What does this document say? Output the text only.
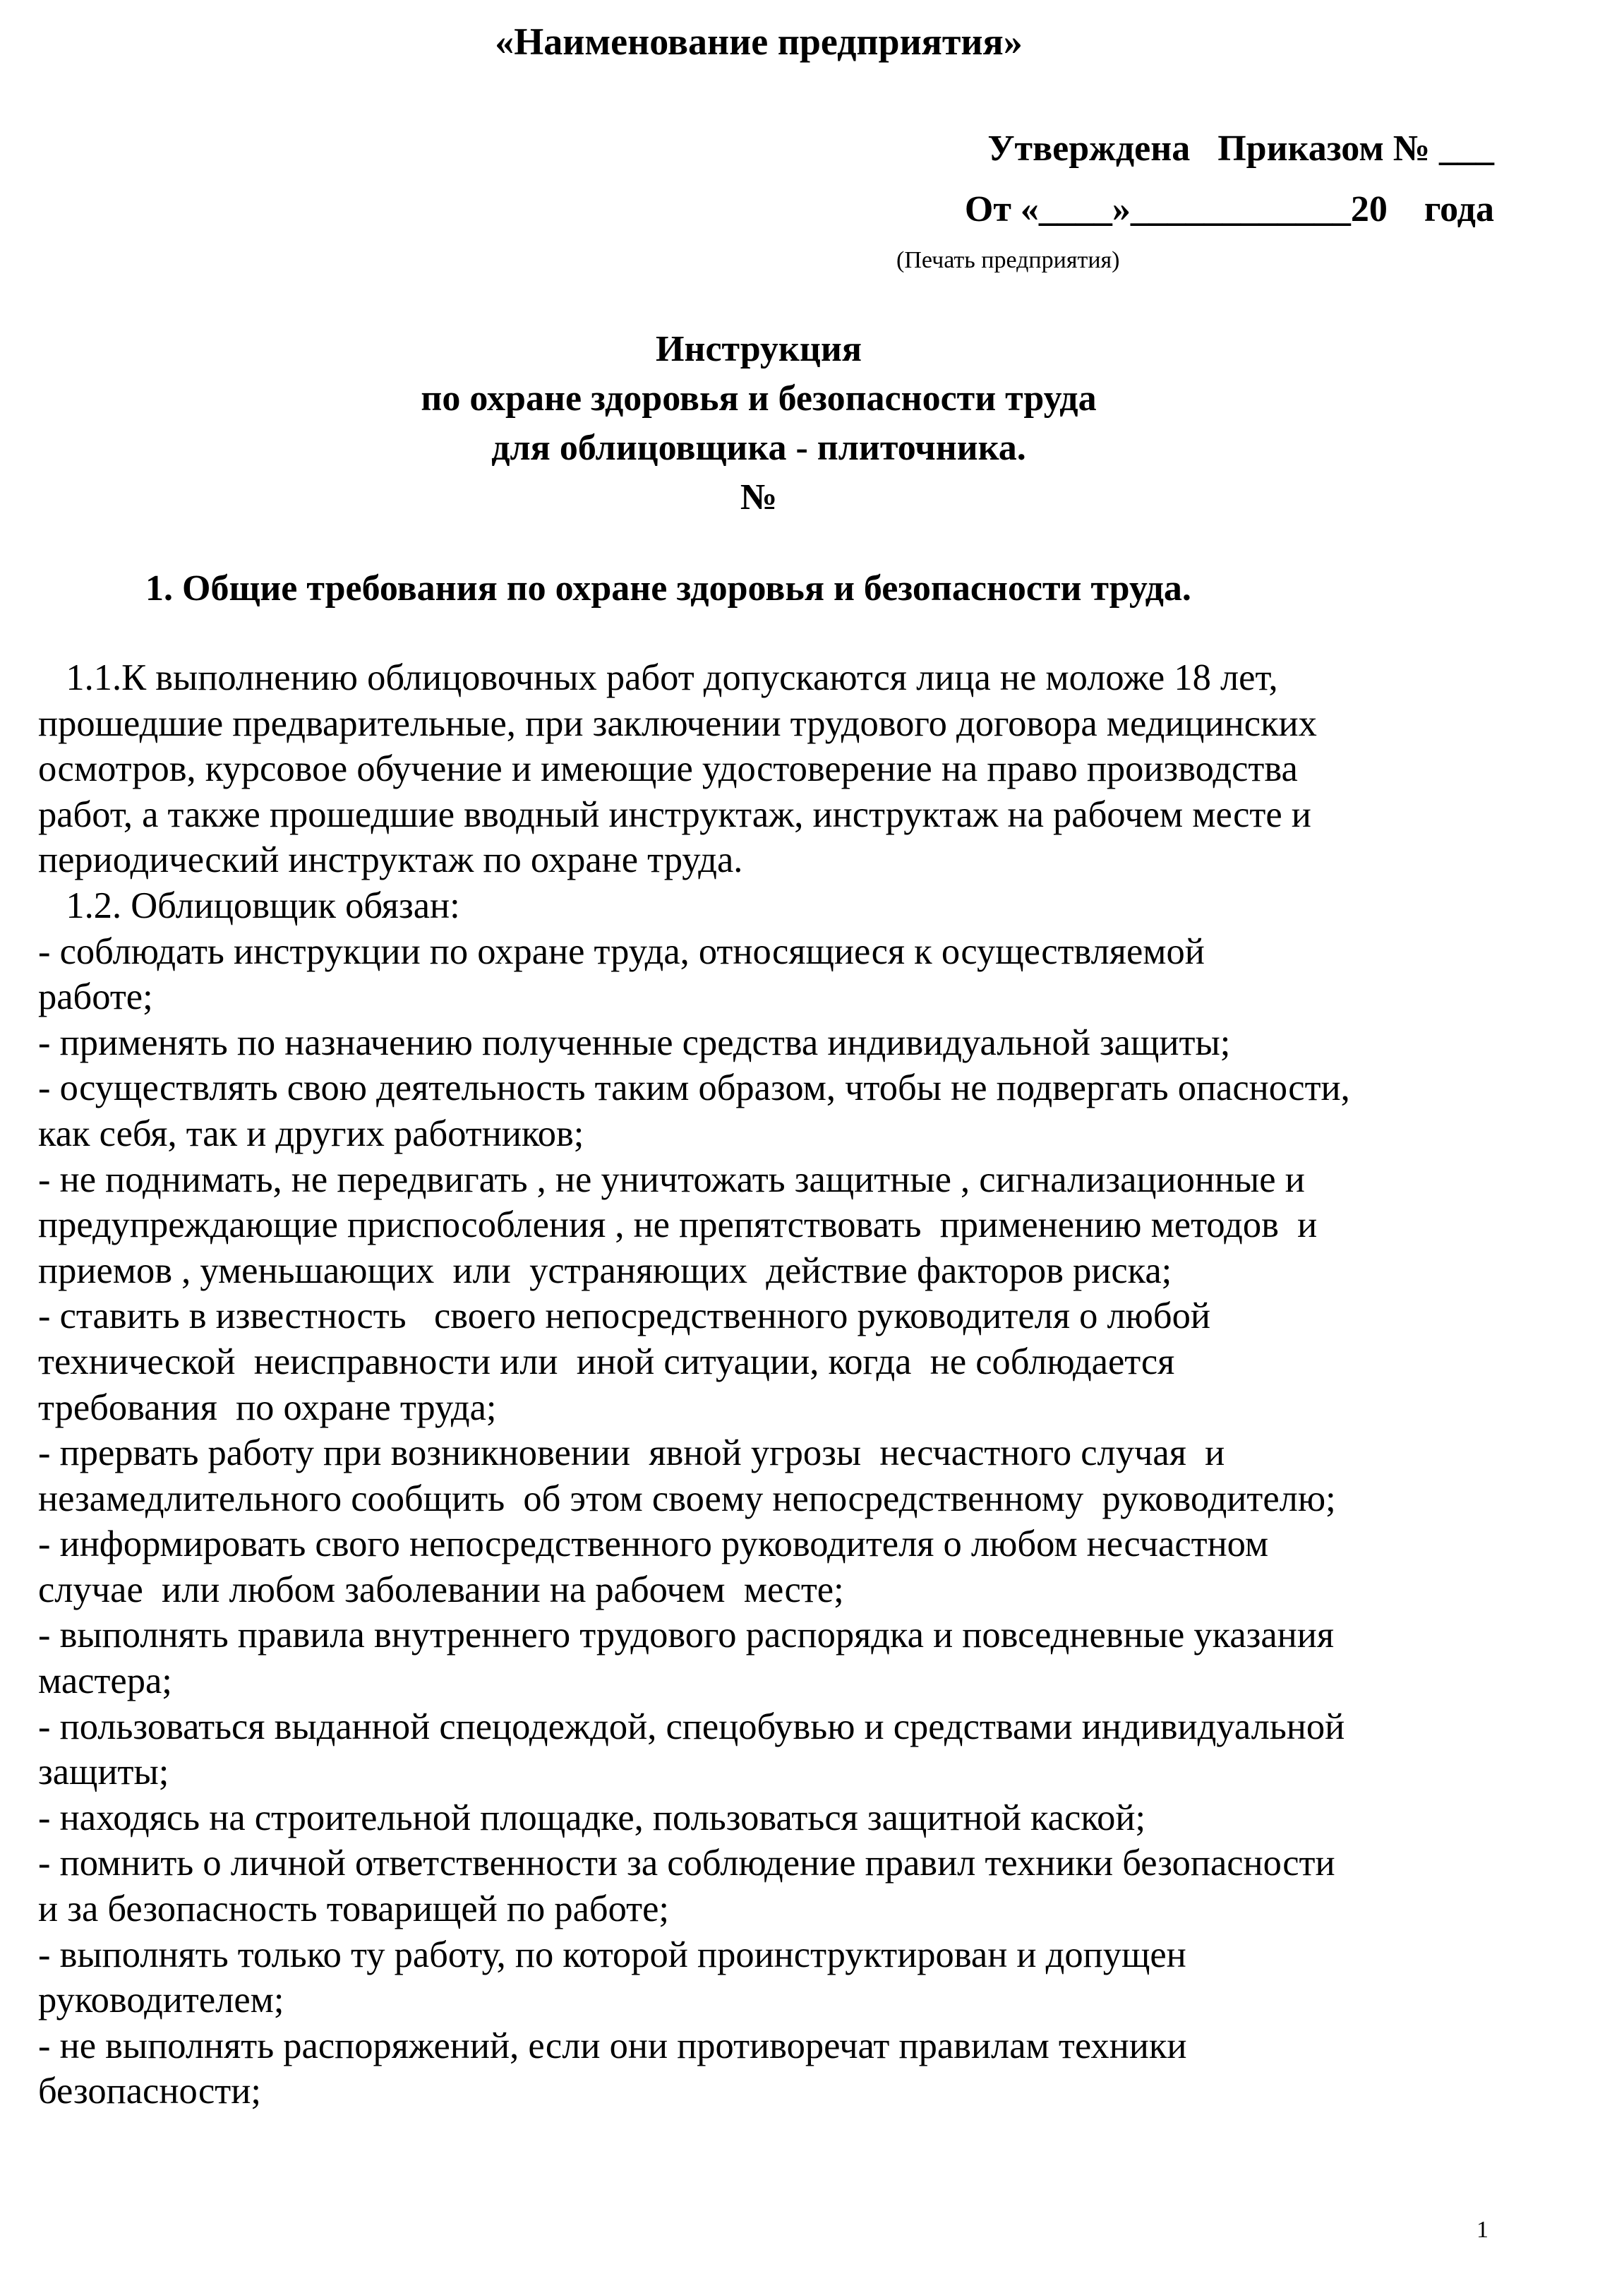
«Наименование предприятия»
Утверждена   Приказом № ___
От «____»____________20    года
(Печать предприятия)
Инструкция
по охране здоровья и безопасности труда
для облицовщика - плиточника.
№
1. Общие требования по охране здоровья и безопасности труда.
1.1.К выполнению облицовочных работ допускаются лица не моложе 18 лет,
прошедшие предварительные, при заключении трудового договора медицинских
осмотров, курсовое обучение и имеющие удостоверение на право производства
работ, а также прошедшие вводный инструктаж, инструктаж на рабочем месте и
периодический инструктаж по охране труда.
1.2. Облицовщик обязан:
- соблюдать инструкции по охране труда, относящиеся к осуществляемой
работе;
- применять по назначению полученные средства индивидуальной защиты;
- осуществлять свою деятельность таким образом, чтобы не подвергать опасности,
как себя, так и других работников;
- не поднимать, не передвигать , не уничтожать защитные , сигнализационные и
предупреждающие приспособления , не препятствовать  применению методов  и
приемов , уменьшающих  или  устраняющих  действие факторов риска;
- ставить в известность   своего непосредственного руководителя о любой
технической  неисправности или  иной ситуации, когда  не соблюдается
требования  по охране труда;
- прервать работу при возникновении  явной угрозы  несчастного случая  и
незамедлительного сообщить  об этом своему непосредственному  руководителю;
- информировать свого непосредственного руководителя о любом несчастном
случае  или любом заболевании на рабочем  месте;
- выполнять правила внутреннего трудового распорядка и повседневные указания
мастера;
- пользоваться выданной спецодеждой, спецобувью и средствами индивидуальной
защиты;
- находясь на строительной площадке, пользоваться защитной каской;
- помнить о личной ответственности за соблюдение правил техники безопасности
и за безопасность товарищей по работе;
- выполнять только ту работу, по которой проинструктирован и допущен
руководителем;
- не выполнять распоряжений, если они противоречат правилам техники
безопасности;
1
